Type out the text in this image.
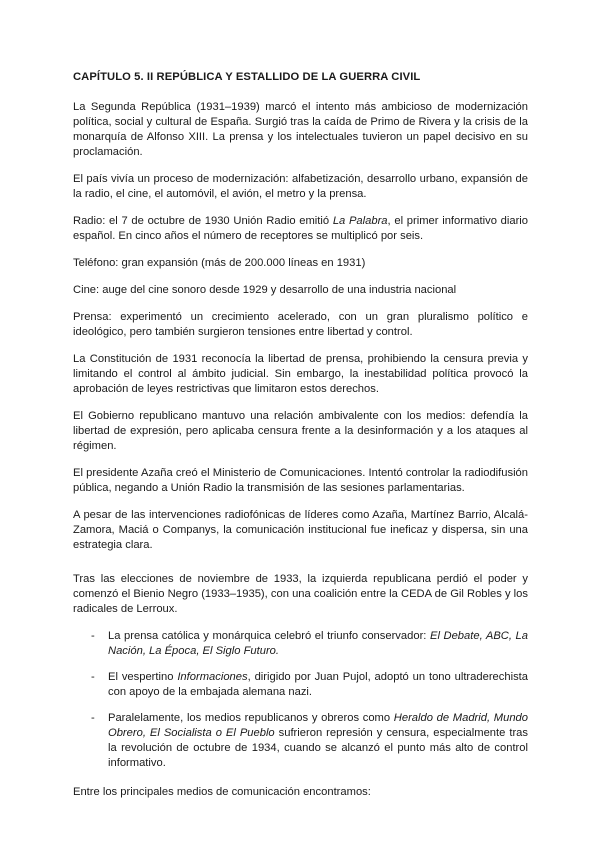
CAPÍTULO 5. II REPÚBLICA Y ESTALLIDO DE LA GUERRA CIVIL

La Segunda República (1931–1939) marcó el intento más ambicioso de modernización política, social y cultural de España. Surgió tras la caída de Primo de Rivera y la crisis de la monarquía de Alfonso XIII. La prensa y los intelectuales tuvieron un papel decisivo en su proclamación.

El país vivía un proceso de modernización: alfabetización, desarrollo urbano, expansión de la radio, el cine, el automóvil, el avión, el metro y la prensa.

Radio: el 7 de octubre de 1930 Unión Radio emitió La Palabra, el primer informativo diario español. En cinco años el número de receptores se multiplicó por seis.

Teléfono: gran expansión (más de 200.000 líneas en 1931)

Cine: auge del cine sonoro desde 1929 y desarrollo de una industria nacional

Prensa: experimentó un crecimiento acelerado, con un gran pluralismo político e ideológico, pero también surgieron tensiones entre libertad y control.

La Constitución de 1931 reconocía la libertad de prensa, prohibiendo la censura previa y limitando el control al ámbito judicial. Sin embargo, la inestabilidad política provocó la aprobación de leyes restrictivas que limitaron estos derechos.

El Gobierno republicano mantuvo una relación ambivalente con los medios: defendía la libertad de expresión, pero aplicaba censura frente a la desinformación y a los ataques al régimen.

El presidente Azaña creó el Ministerio de Comunicaciones. Intentó controlar la radiodifusión pública, negando a Unión Radio la transmisión de las sesiones parlamentarias.

A pesar de las intervenciones radiofónicas de líderes como Azaña, Martínez Barrio, Alcalá-Zamora, Maciá o Companys, la comunicación institucional fue ineficaz y dispersa, sin una estrategia clara.

Tras las elecciones de noviembre de 1933, la izquierda republicana perdió el poder y comenzó el Bienio Negro (1933–1935), con una coalición entre la CEDA de Gil Robles y los radicales de Lerroux.

- La prensa católica y monárquica celebró el triunfo conservador: El Debate, ABC, La Nación, La Época, El Siglo Futuro.
- El vespertino Informaciones, dirigido por Juan Pujol, adoptó un tono ultraderechista con apoyo de la embajada alemana nazi.
- Paralelamente, los medios republicanos y obreros como Heraldo de Madrid, Mundo Obrero, El Socialista o El Pueblo sufrieron represión y censura, especialmente tras la revolución de octubre de 1934, cuando se alcanzó el punto más alto de control informativo.

Entre los principales medios de comunicación encontramos:
